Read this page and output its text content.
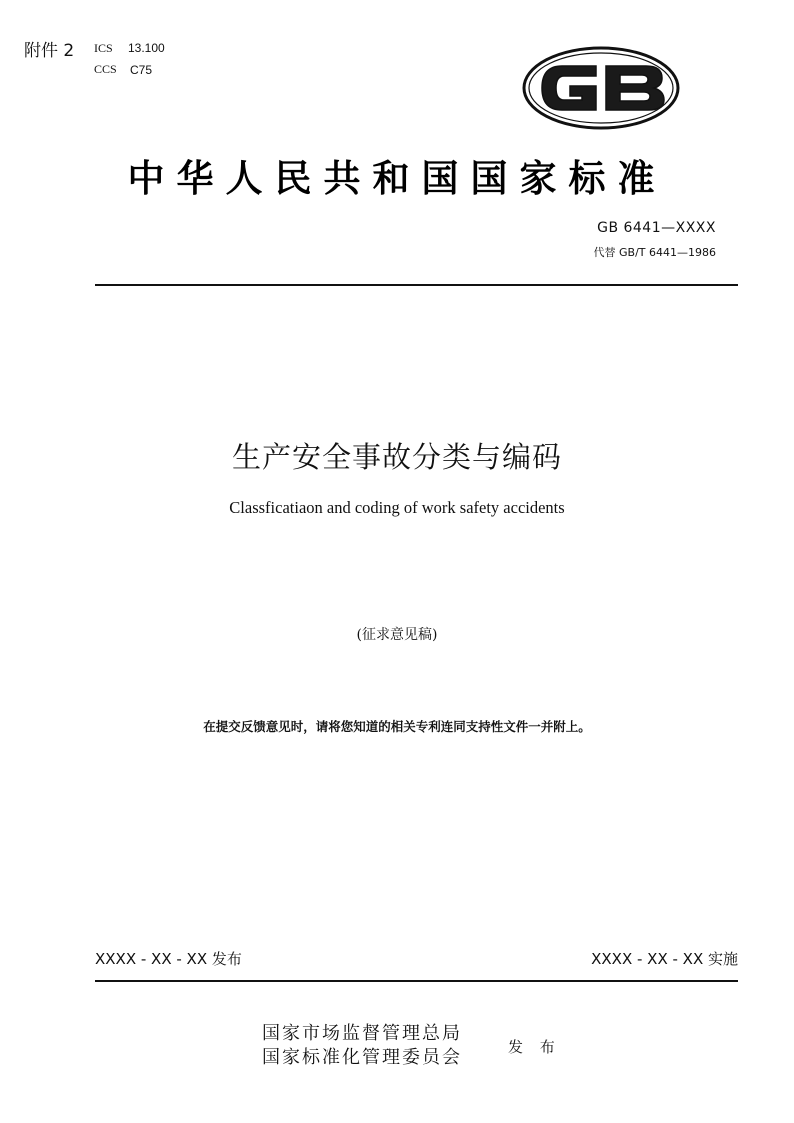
附件 2 ICS 13.100
CCS C75
GB
中华人民共和国国家标准
GB 6441—XXXX
代替 GB/T 6441—1986
生产安全事故分类与编码
Classficatiaon and coding of work safety accidents
(征求意见稿)
在提交反馈意见时，请将您知道的相关专利连同支持性文件一并附上。
XXXX - XX - XX 发布	XXXX - XX - XX 实施
国家市场监督管理总局
国家标准化管理委员会	发 布
